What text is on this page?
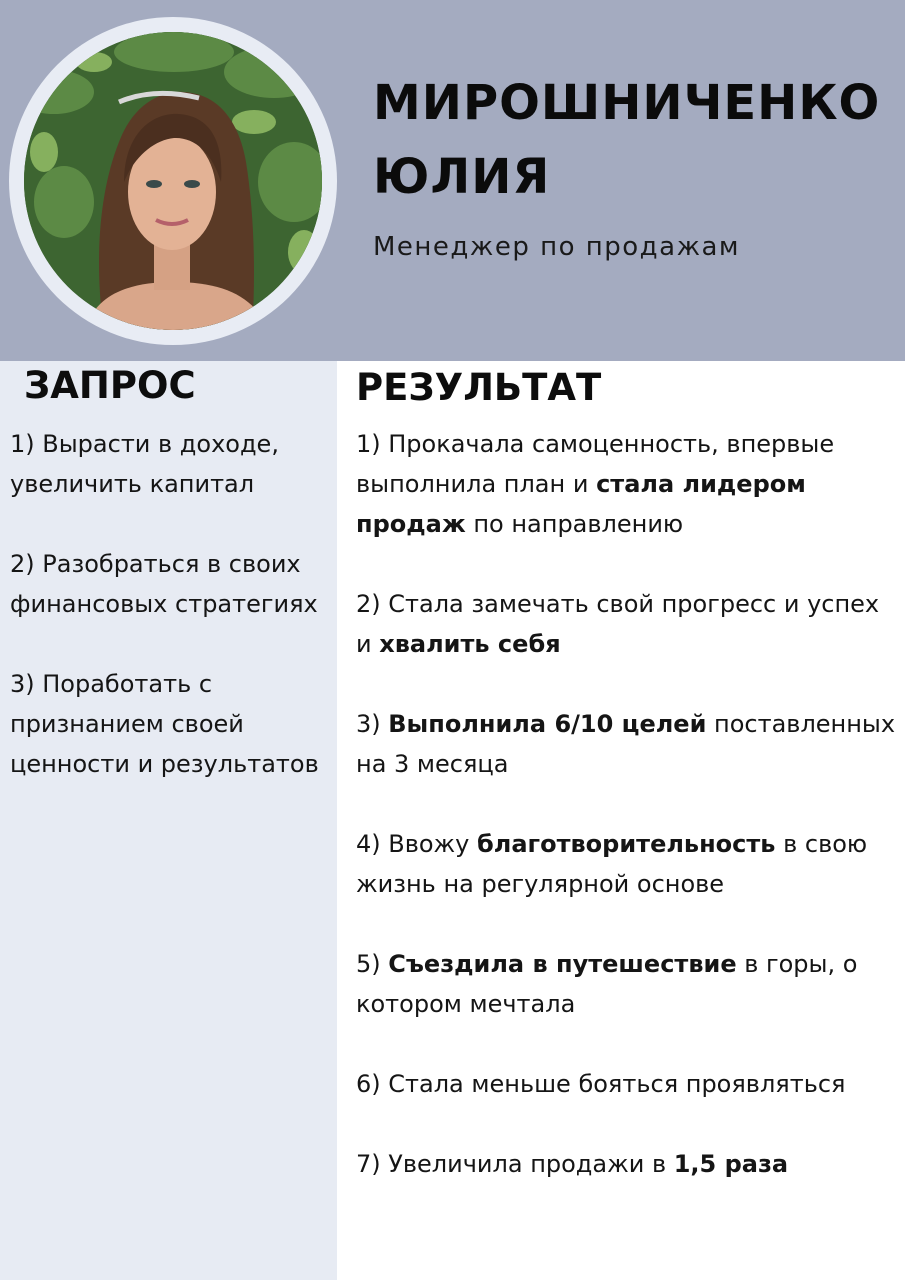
МИРОШНИЧЕНКО
ЮЛИЯ
Менеджер по продажам
ЗАПРОС	РЕЗУЛЬТАТ
1) Вырасти в доходе, увеличить капитал
2) Разобраться в своих финансовых стратегиях
3) Поработать с признанием своей ценности и результатов
1) Прокачала самоценность, впервые выполнила план и стала лидером продаж по направлению
2) Стала замечать свой прогресс и успех и хвалить себя
3) Выполнила 6/10 целей поставленных на 3 месяца
4) Ввожу благотворительность в свою жизнь на регулярной основе
5) Съездила в путешествие в горы, о котором мечтала
6) Стала меньше бояться проявляться
7) Увеличила продажи в 1,5 раза
